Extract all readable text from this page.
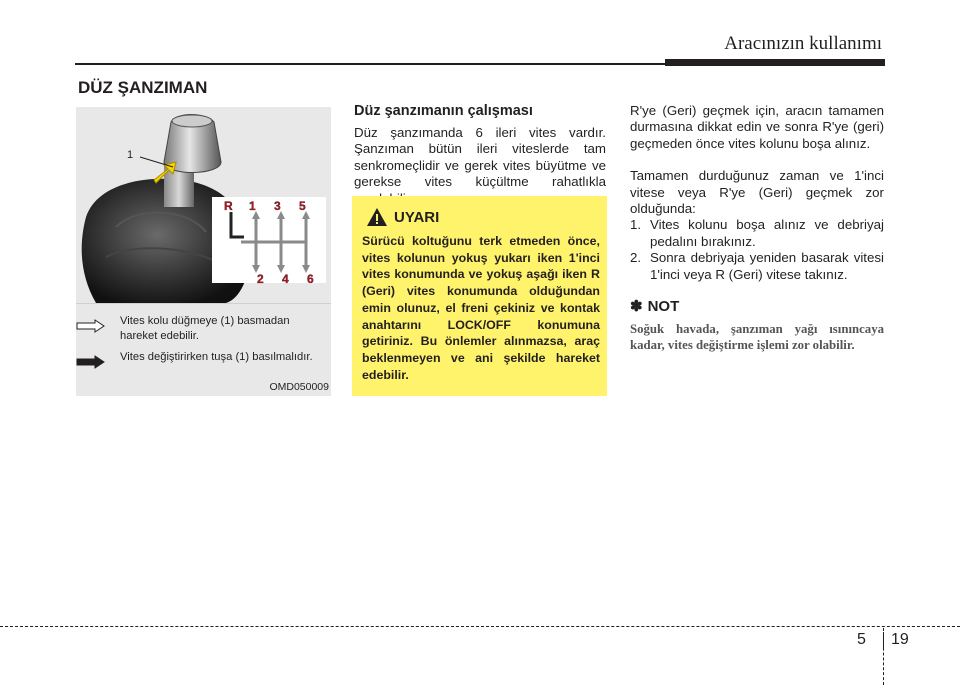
Aracınızın kullanımı
DÜZ ŞANZIMAN
1
R 1 3 5
2 4 6
Vites kolu düğmeye (1) basmadan hareket edebilir.
Vites değiştirirken tuşa (1) basılmalıdır.
OMD050009
Düz şanzımanın çalışması

Düz şanzımanda 6 ileri vites vardır. Şanzıman bütün ileri viteslerde tam senkromeçlidir ve gerek vites büyütme ve gerekse vites küçültme rahatlıkla

UYARI
Sürücü koltuğunu terk etmeden önce, vites kolunun yokuş yukarı iken 1'inci vites konumunda ve yokuş aşağı iken R (Geri) vites konumunda olduğundan emin olunuz, el freni çekiniz ve kontak anahtarını LOCK/OFF konumuna getiriniz. Bu önlemler alınmazsa, araç beklenmeyen ve ani şekilde hareket edebilir.

R'ye (Geri) geçmek için, aracın tamamen durmasına dikkat edin ve sonra R'ye (geri) geçmeden önce vites kolunu boşa alınız.

Tamamen durduğunuz zaman ve 1'inci vitese veya R'ye (Geri) geçmek zor olduğunda:

1. Vites kolunu boşa alınız ve debriyaj pedalını bırakınız.
2. Sonra debriyaja yeniden basarak vitesi 1'inci veya R (Geri) vitese takınız.
✽ NOT
Soğuk havada, şanzıman yağı ısınıncaya kadar, vites değiştirme işlemi zor olabilir.
5 19
